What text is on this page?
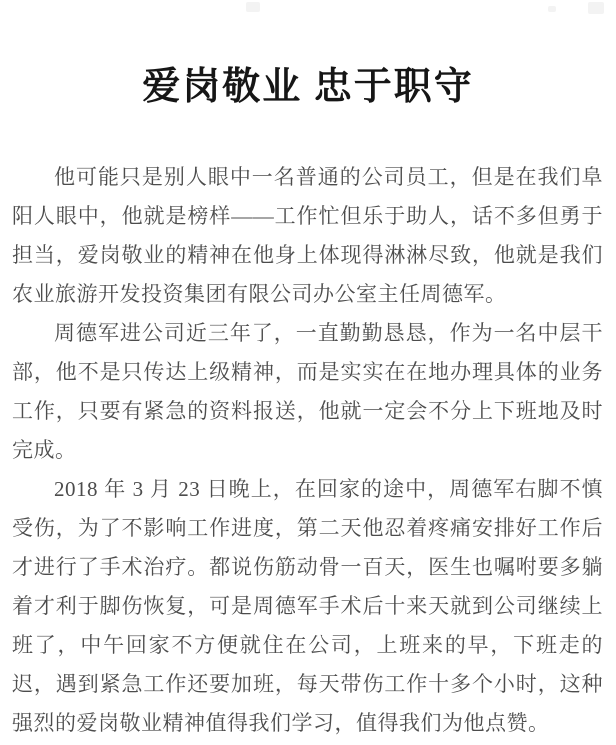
爱岗敬业 忠于职守

他可能只是别人眼中一名普通的公司员工，但是在我们阜阳人眼中，他就是榜样——工作忙但乐于助人，话不多但勇于担当，爱岗敬业的精神在他身上体现得淋淋尽致，他就是我们农业旅游开发投资集团有限公司办公室主任周德军。

周德军进公司近三年了，一直勤勤恳恳，作为一名中层干部，他不是只传达上级精神，而是实实在在地办理具体的业务工作，只要有紧急的资料报送，他就一定会不分上下班地及时完成。

2018 年 3 月 23 日晚上，在回家的途中，周德军右脚不慎受伤，为了不影响工作进度，第二天他忍着疼痛安排好工作后才进行了手术治疗。都说伤筋动骨一百天，医生也嘱咐要多躺着才利于脚伤恢复，可是周德军手术后十来天就到公司继续上班了，中午回家不方便就住在公司，上班来的早，下班走的迟，遇到紧急工作还要加班，每天带伤工作十多个小时，这种强烈的爱岗敬业精神值得我们学习，值得我们为他点赞。
